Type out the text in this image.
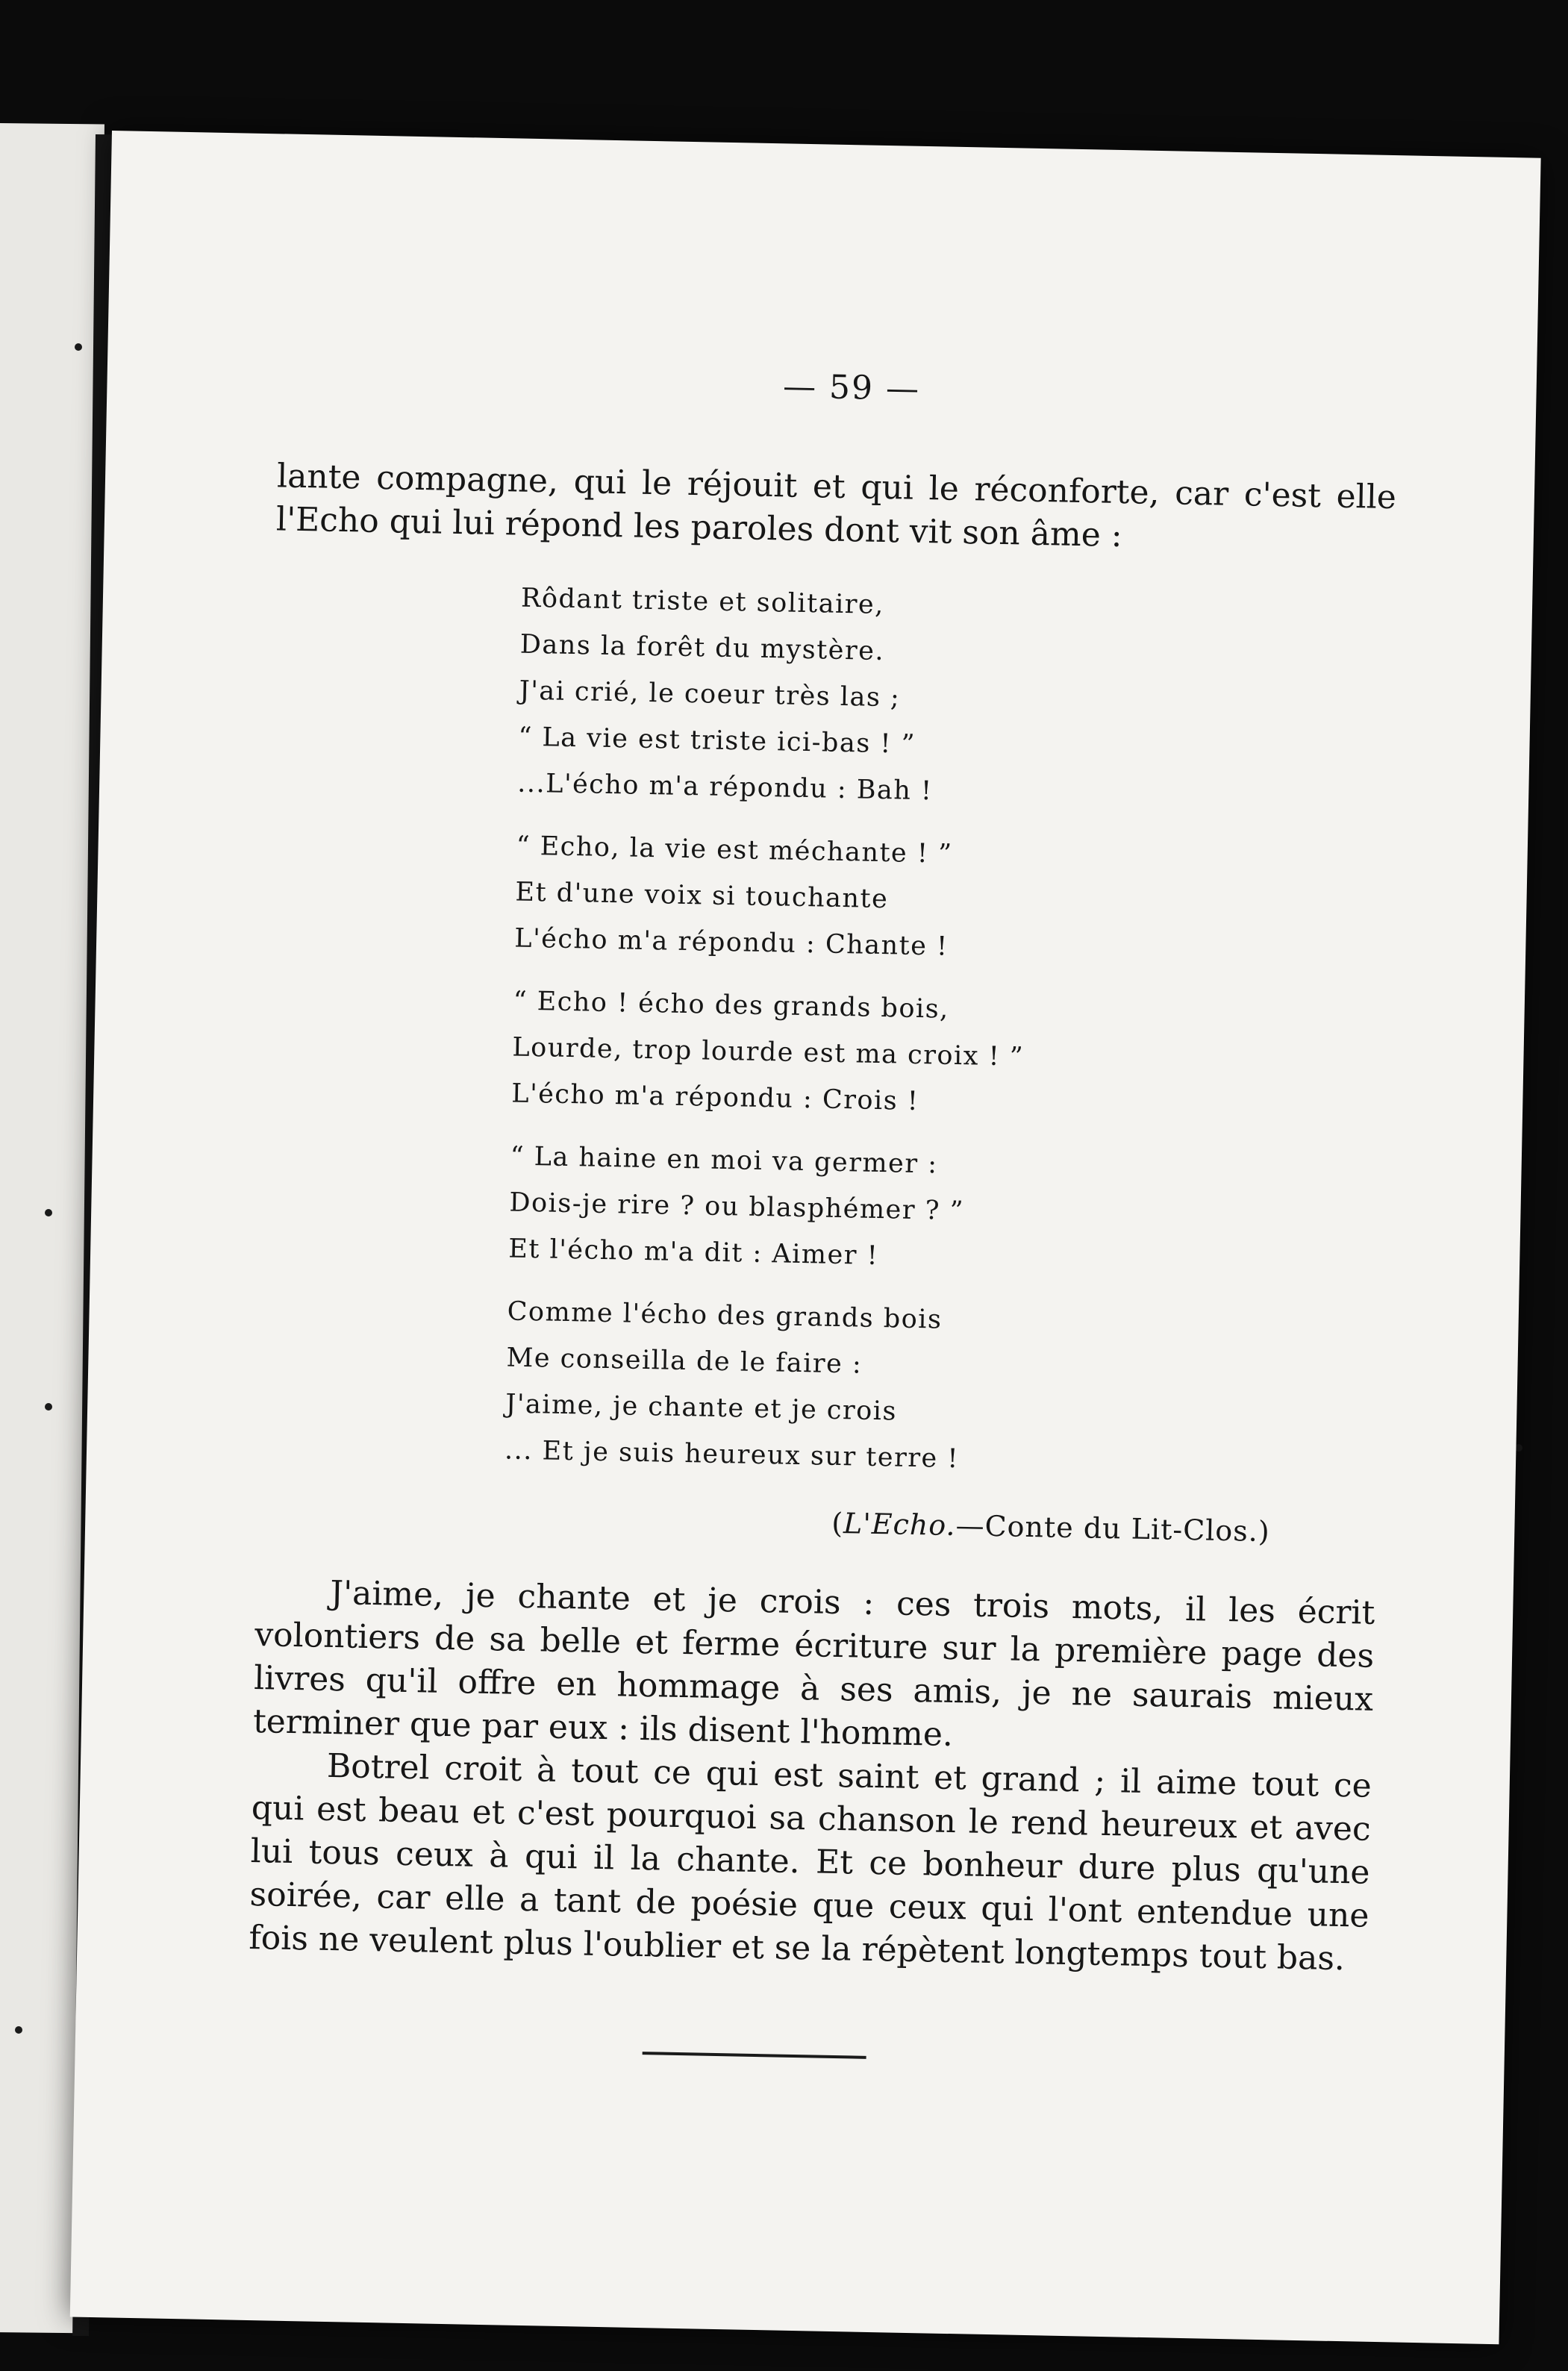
— 59 —

lante compagne, qui le réjouit et qui le réconforte, car c'est elle l'Echo qui lui répond les paroles dont vit son âme :

Rôdant triste et solitaire,
Dans la forêt du mystère.
J'ai crié, le coeur très las ;
“ La vie est triste ici-bas ! ”
...L'écho m'a répondu : Bah !
“ Echo, la vie est méchante ! ”
Et d'une voix si touchante
L'écho m'a répondu : Chante !
“ Echo ! écho des grands bois,
Lourde, trop lourde est ma croix ! ”
L'écho m'a répondu : Crois !
“ La haine en moi va germer :
Dois-je rire ? ou blasphémer ? ”
Et l'écho m'a dit : Aimer !
Comme l'écho des grands bois
Me conseilla de le faire :
J'aime, je chante et je crois
... Et je suis heureux sur terre !
(L'Echo.—Conte du Lit-Clos.)

J'aime, je chante et je crois : ces trois mots, il les écrit volontiers de sa belle et ferme écriture sur la première page des livres qu'il offre en hommage à ses amis, je ne saurais mieux terminer que par eux : ils disent l'homme.

Botrel croit à tout ce qui est saint et grand ; il aime tout ce qui est beau et c'est pourquoi sa chanson le rend heureux et avec lui tous ceux à qui il la chante. Et ce bonheur dure plus qu'une soirée, car elle a tant de poésie que ceux qui l'ont entendue une fois ne veulent plus l'oublier et se la répètent longtemps tout bas.
